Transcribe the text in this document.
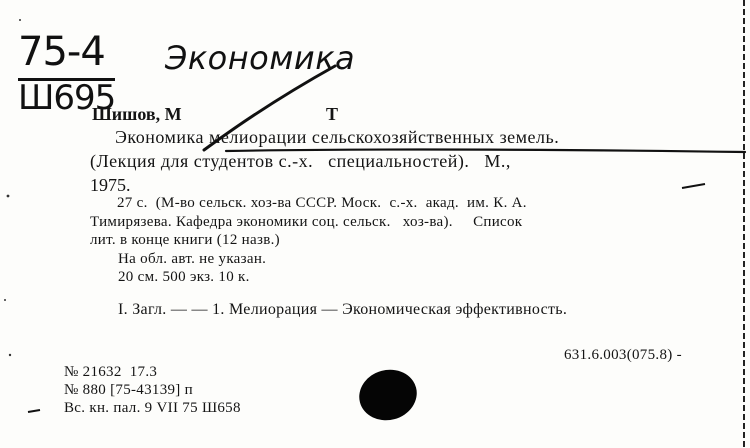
75-4
Ш695
Экономика
Шишов, М	Т
Экономика мелиорации сельскохозяйственных земель.
(Лекция для студентов с.-х.   специальностей).   М.,
1975.
27 с.  (М-во сельск. хоз-ва СССР. Моск.  с.-х.  акад.  им. К. А.
Тимирязева. Кафедра экономики соц. сельск.   хоз-ва).     Список
лит. в конце книги (12 назв.)
На обл. авт. не указан.
20 см. 500 экз. 10 к.
I. Загл. — — 1. Мелиорация — Экономическая эффективность.
631.6.003(075.8) -
№ 21632  17.3
№ 880 [75-43139] п
Вс. кн. пал. 9 VII 75 Ш658
